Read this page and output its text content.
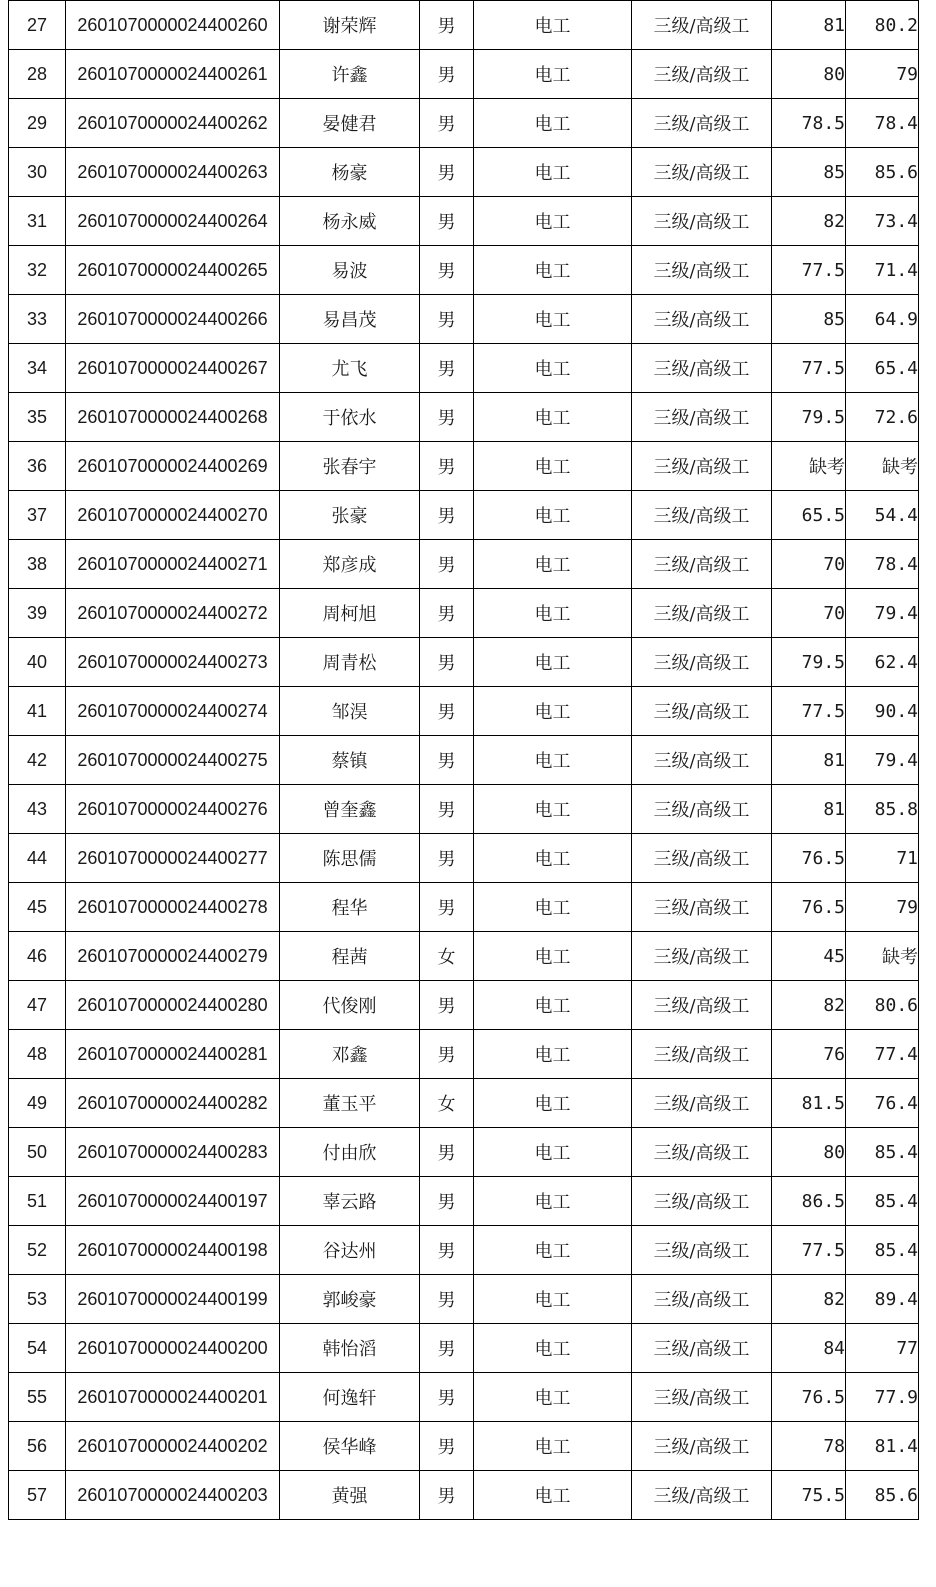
27	2601070000024400260	谢荣辉	男	电工	三级/高级工	81	80.2
28	2601070000024400261	许鑫	男	电工	三级/高级工	80	79
29	2601070000024400262	晏健君	男	电工	三级/高级工	78.5	78.4
30	2601070000024400263	杨豪	男	电工	三级/高级工	85	85.6
31	2601070000024400264	杨永威	男	电工	三级/高级工	82	73.4
32	2601070000024400265	易波	男	电工	三级/高级工	77.5	71.4
33	2601070000024400266	易昌茂	男	电工	三级/高级工	85	64.9
34	2601070000024400267	尤飞	男	电工	三级/高级工	77.5	65.4
35	2601070000024400268	于依水	男	电工	三级/高级工	79.5	72.6
36	2601070000024400269	张春宇	男	电工	三级/高级工	缺考	缺考
37	2601070000024400270	张豪	男	电工	三级/高级工	65.5	54.4
38	2601070000024400271	郑彦成	男	电工	三级/高级工	70	78.4
39	2601070000024400272	周柯旭	男	电工	三级/高级工	70	79.4
40	2601070000024400273	周青松	男	电工	三级/高级工	79.5	62.4
41	2601070000024400274	邹淏	男	电工	三级/高级工	77.5	90.4
42	2601070000024400275	蔡镇	男	电工	三级/高级工	81	79.4
43	2601070000024400276	曾奎鑫	男	电工	三级/高级工	81	85.8
44	2601070000024400277	陈思儒	男	电工	三级/高级工	76.5	71
45	2601070000024400278	程华	男	电工	三级/高级工	76.5	79
46	2601070000024400279	程茜	女	电工	三级/高级工	45	缺考
47	2601070000024400280	代俊刚	男	电工	三级/高级工	82	80.6
48	2601070000024400281	邓鑫	男	电工	三级/高级工	76	77.4
49	2601070000024400282	董玉平	女	电工	三级/高级工	81.5	76.4
50	2601070000024400283	付由欣	男	电工	三级/高级工	80	85.4
51	2601070000024400197	辜云路	男	电工	三级/高级工	86.5	85.4
52	2601070000024400198	谷达州	男	电工	三级/高级工	77.5	85.4
53	2601070000024400199	郭峻豪	男	电工	三级/高级工	82	89.4
54	2601070000024400200	韩怡滔	男	电工	三级/高级工	84	77
55	2601070000024400201	何逸轩	男	电工	三级/高级工	76.5	77.9
56	2601070000024400202	侯华峰	男	电工	三级/高级工	78	81.4
57	2601070000024400203	黄强	男	电工	三级/高级工	75.5	85.6
